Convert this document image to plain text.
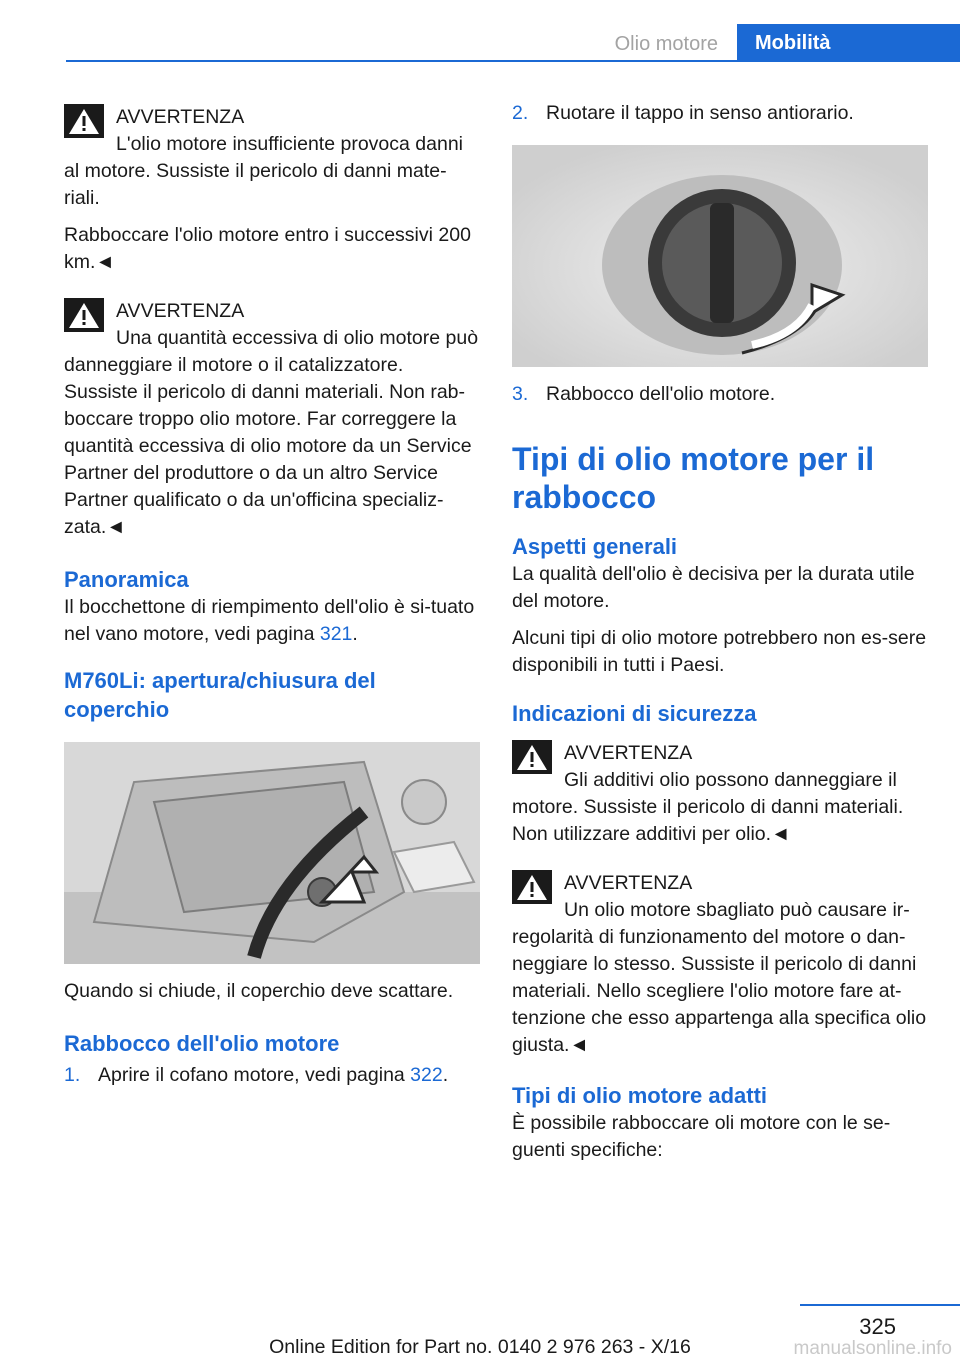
Olio motore	Mobilità
AVVERTENZA

L'olio motore insufficiente provoca danni al motore. Sussiste il pericolo di danni mate-riali.

Rabboccare l'olio motore entro i successivi 200 km.◄

AVVERTENZA

Una quantità eccessiva di olio motore può danneggiare il motore o il catalizzatore. Sussiste il pericolo di danni materiali. Non rab-boccare troppo olio motore. Far correggere la quantità eccessiva di olio motore da un Service Partner del produttore o da un altro Service Partner qualificato o da un'officina specializ-zata.◄

Panoramica

Il bocchettone di riempimento dell'olio è si-tuato nel vano motore, vedi pagina 321.

M760Li: apertura/chiusura del coperchio

Quando si chiude, il coperchio deve scattare.

Rabbocco dell'olio motore
1. Aprire il cofano motore, vedi pagina 322.
2. Ruotare il tappo in senso antiorario.
3. Rabbocco dell'olio motore.
Tipi di olio motore per il rabbocco
Aspetti generali

La qualità dell'olio è decisiva per la durata utile del motore.

Alcuni tipi di olio motore potrebbero non es-sere disponibili in tutti i Paesi.

Indicazioni di sicurezza
AVVERTENZA

Gli additivi olio possono danneggiare il motore. Sussiste il pericolo di danni materiali. Non utilizzare additivi per olio.◄

AVVERTENZA

Un olio motore sbagliato può causare ir-regolarità di funzionamento del motore o dan-neggiare lo stesso. Sussiste il pericolo di danni materiali. Nello scegliere l'olio motore fare at-tenzione che esso appartenga alla specifica olio giusta.◄

Tipi di olio motore adatti

È possibile rabboccare oli motore con le se-guenti specifiche:

325
Online Edition for Part no. 0140 2 976 263 - X/16	manualsonline.info
